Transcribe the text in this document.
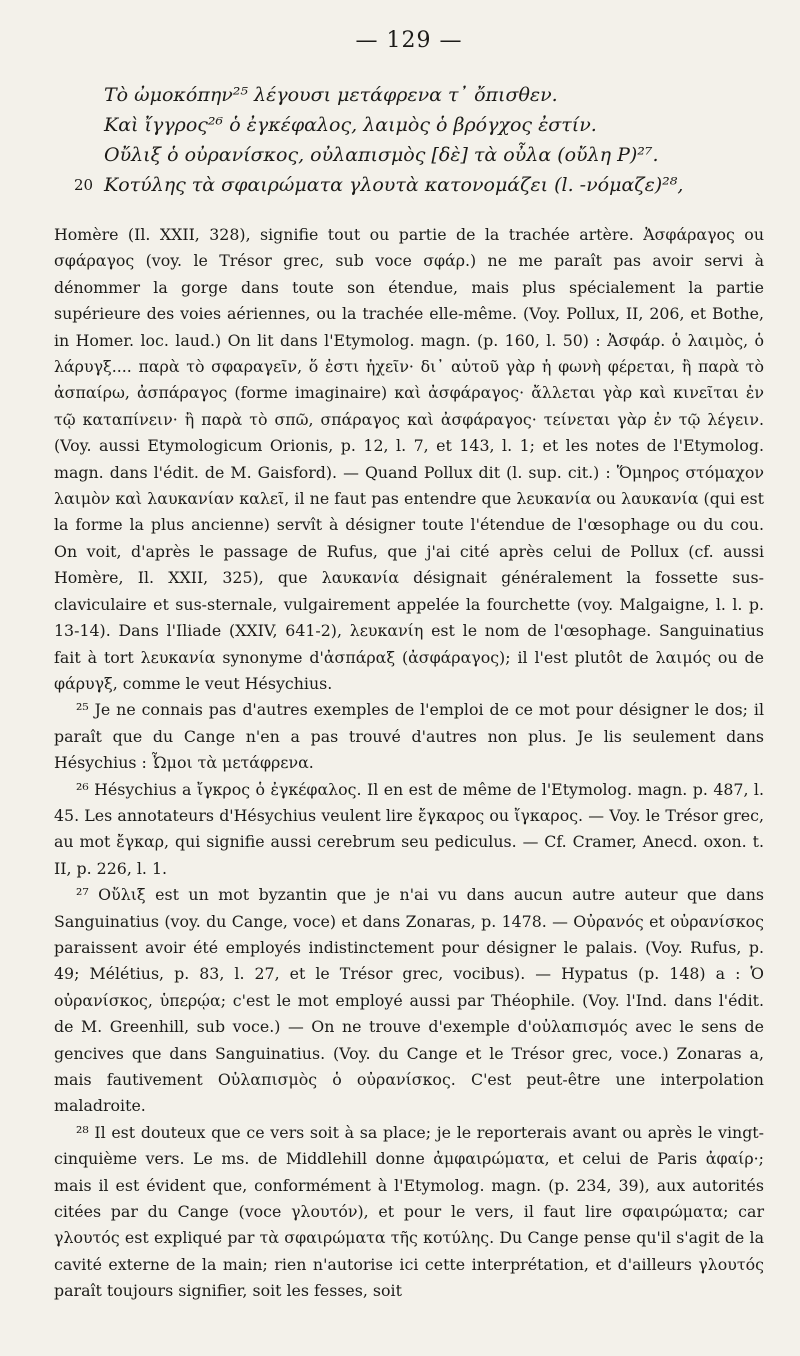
— 129 —
Τὸ ὠμοκόπην²⁵ λέγουσι μετάφρενα τ᾿ ὄπισθεν.
Καὶ ἴγγρος²⁶ ὁ ἐγκέφαλος, λαιμὸς ὁ βρόγχος ἐστίν.
Οὔλιξ ὁ οὐρανίσκος, οὐλαπισμὸς [δὲ] τὰ οὖλα (οὔλη P)²⁷.
20 Κοτύλης τὰ σφαιρώματα γλουτὰ κατονομάζει (l. -νόμαζε)²⁸,

Homère (Il. XXII, 328), signifie tout ou partie de la trachée artère. Ἀσφάραγος ou σφάραγος (voy. le Trésor grec, sub voce σφάρ.) ne me paraît pas avoir servi à dénommer la gorge dans toute son étendue, mais plus spécialement la partie supérieure des voies aériennes, ou la trachée elle-même. (Voy. Pollux, II, 206, et Bothe, in Homer. loc. laud.) On lit dans l'Etymolog. magn. (p. 160, l. 50) : Ἀσφάρ. ὁ λαιμὸς, ὁ λάρυγξ.... παρὰ τὸ σφαραγεῖν, ὅ ἐστι ἠχεῖν· δι᾿ αὐτοῦ γὰρ ἡ φωνὴ φέρεται, ἢ παρὰ τὸ ἀσπαίρω, ἀσπάραγος (forme imaginaire) καὶ ἀσφάραγος· ἄλλεται γὰρ καὶ κινεῖται ἐν τῷ καταπίνειν· ἢ παρὰ τὸ σπῶ, σπάραγος καὶ ἀσφάραγος· τείνεται γὰρ ἐν τῷ λέγειν. (Voy. aussi Etymologicum Orionis, p. 12, l. 7, et 143, l. 1; et les notes de l'Etymolog. magn. dans l'édit. de M. Gaisford). — Quand Pollux dit (l. sup. cit.) : Ὅμηρος στόμαχον λαιμὸν καὶ λαυκανίαν καλεῖ, il ne faut pas entendre que λευκανία ou λαυκανία (qui est la forme la plus ancienne) servît à désigner toute l'étendue de l'œsophage ou du cou. On voit, d'après le passage de Rufus, que j'ai cité après celui de Pollux (cf. aussi Homère, Il. XXII, 325), que λαυκανία désignait généralement la fossette sus-claviculaire et sus-sternale, vulgairement appelée la fourchette (voy. Malgaigne, l. l. p. 13-14). Dans l'Iliade (XXIV, 641-2), λευκανίη est le nom de l'œsophage. Sanguinatius fait à tort λευκανία synonyme d'ἀσπάραξ (ἀσφάραγος); il l'est plutôt de λαιμός ou de φάρυγξ, comme le veut Hésychius.

²⁵ Je ne connais pas d'autres exemples de l'emploi de ce mot pour désigner le dos; il paraît que du Cange n'en a pas trouvé d'autres non plus. Je lis seulement dans Hésychius : Ὦμοι τὰ μετάφρενα.

²⁶ Hésychius a ἴγκρος ὁ ἐγκέφαλος. Il en est de même de l'Etymolog. magn. p. 487, l. 45. Les annotateurs d'Hésychius veulent lire ἔγκαρος ou ἴγκαρος. — Voy. le Trésor grec, au mot ἔγκαρ, qui signifie aussi cerebrum seu pediculus. — Cf. Cramer, Anecd. oxon. t. II, p. 226, l. 1.

²⁷ Οὔλιξ est un mot byzantin que je n'ai vu dans aucun autre auteur que dans Sanguinatius (voy. du Cange, voce) et dans Zonaras, p. 1478. — Οὐρανός et οὐρανίσκος paraissent avoir été employés indistinctement pour désigner le palais. (Voy. Rufus, p. 49; Mélétius, p. 83, l. 27, et le Trésor grec, vocibus). — Hypatus (p. 148) a : Ὁ οὐρανίσκος, ὑπερῴα; c'est le mot employé aussi par Théophile. (Voy. l'Ind. dans l'édit. de M. Greenhill, sub voce.) — On ne trouve d'exemple d'οὐλαπισμός avec le sens de gencives que dans Sanguinatius. (Voy. du Cange et le Trésor grec, voce.) Zonaras a, mais fautivement Οὐλαπισμὸς ὁ οὐρανίσκος. C'est peut-être une interpolation maladroite.

²⁸ Il est douteux que ce vers soit à sa place; je le reporterais avant ou après le vingt-cinquième vers. Le ms. de Middlehill donne ἀμφαιρώματα, et celui de Paris ἀφαίρ·; mais il est évident que, conformément à l'Etymolog. magn. (p. 234, 39), aux autorités citées par du Cange (voce γλουτόν), et pour le vers, il faut lire σφαιρώματα; car γλουτός est expliqué par τὰ σφαιρώματα τῆς κοτύλης. Du Cange pense qu'il s'agit de la cavité externe de la main; rien n'autorise ici cette interprétation, et d'ailleurs γλουτός paraît toujours signifier, soit les fesses, soit
